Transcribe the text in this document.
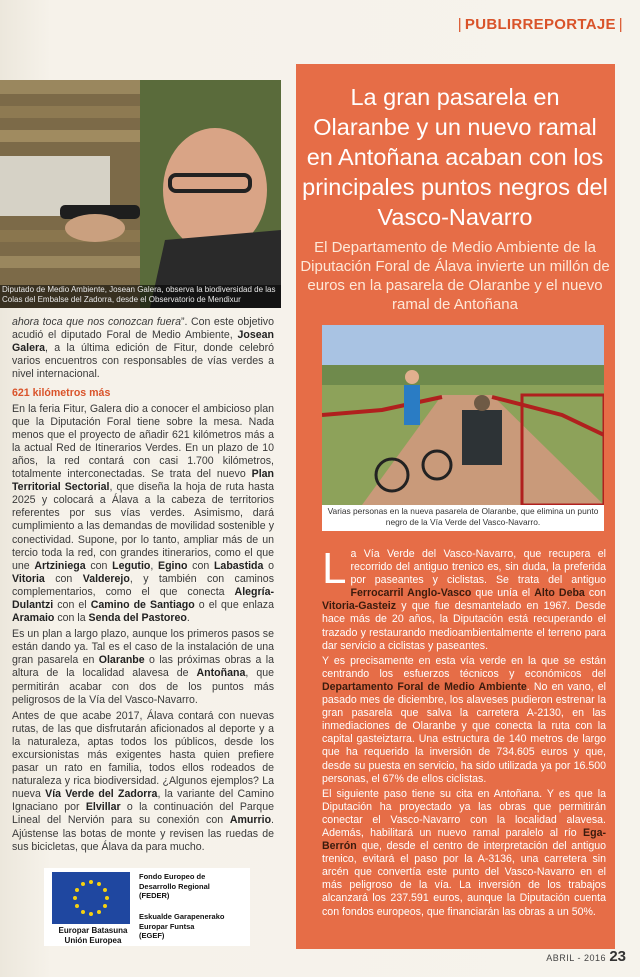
| PUBLIRREPORTAJE |
Diputado de Medio Ambiente, Josean Galera, observa la biodiversidad de las Colas del Embalse del Zadorra, desde el Observatorio de Mendixur

ahora toca que nos conozcan fuera”. Con este objetivo acudió el diputado Foral de Medio Ambiente, Josean Galera, a la última edición de Fitur, donde celebró varios encuentros con responsables de vías verdes a nivel internacional.

621 kilómetros más

En la feria Fitur, Galera dio a conocer el ambicioso plan que la Diputación Foral tiene sobre la mesa. Nada menos que el proyecto de añadir 621 kilómetros más a la actual Red de Itinerarios Verdes. En un plazo de 10 años, la red contará con casi 1.700 kilómetros, totalmente interconectadas. Se trata del nuevo Plan Territorial Sectorial, que diseña la hoja de ruta hasta 2025 y colocará a Álava a la cabeza de territorios referentes por sus vías verdes. Asimismo, dará cumplimiento a las demandas de movilidad sostenible y conectividad. Supone, por lo tanto, ampliar más de un tercio toda la red, con grandes itinerarios, como el que une Artziniega con Legutio, Egino con Labastida o Vitoria con Valderejo, y también con caminos complementarios, como el que conecta Alegría-Dulantzi con el Camino de Santiago o el que enlaza Aramaio con la Senda del Pastoreo.

Es un plan a largo plazo, aunque los primeros pasos se están dando ya. Tal es el caso de la instalación de una gran pasarela en Olaranbe o las próximas obras a la altura de la localidad alavesa de Antoñana, que permitirán acabar con dos de los puntos más peligrosos de la Vía del Vasco-Navarro.

Antes de que acabe 2017, Álava contará con nuevas rutas, de las que disfrutarán aficionados al deporte y a la naturaleza, aptas todos los públicos, desde los excursionistas más exigentes hasta quien prefiere pasar un rato en familia, todos ellos rodeados de naturaleza y rica biodiversidad. ¿Algunos ejemplos? La nueva Vía Verde del Zadorra, la variante del Camino Ignaciano por Elvillar o la continuación del Parque Lineal del Nervión para su conexión con Amurrio. Ajústense las botas de monte y revisen las ruedas de sus bicicletas, que Álava da para mucho.

Europar Batasuna
Unión Europea
Fondo Europeo de
Desarrollo Regional
(FEDER)
Eskualde Garapenerako
Europar Funtsa
(EGEF)
La gran pasarela en Olaranbe y un nuevo ramal en Antoñana acaban con los principales puntos negros del Vasco-Navarro
El Departamento de Medio Ambiente de la Diputación Foral de Álava invierte un millón de euros en la pasarela de Olaranbe y el nuevo ramal de Antoñana
Varias personas en la nueva pasarela de Olaranbe, que elimina un punto negro de la Vía Verde del Vasco-Navarro.

La Vía Verde del Vasco-Navarro, que recupera el recorrido del antiguo trenico es, sin duda, la preferida por paseantes y ciclistas. Se trata del antiguo Ferrocarril Anglo-Vasco que unía el Alto Deba con Vitoria-Gasteiz y que fue desmantelado en 1967. Desde hace más de 20 años, la Diputación está recuperando el trazado y restaurando medioambientalmente el terreno para dar servicio a ciclistas y paseantes.

Y es precisamente en esta vía verde en la que se están centrando los esfuerzos técnicos y económicos del Departamento Foral de Medio Ambiente. No en vano, el pasado mes de diciembre, los alaveses pudieron estrenar la gran pasarela que salva la carretera A-2130, en las inmediaciones de Olaranbe y que conecta la ruta con la capital gasteiztarra. Una estructura de 140 metros de largo que ha requerido la inversión de 734.605 euros y que, desde su puesta en servicio, ha sido utilizada ya por 16.500 personas, el 67% de ellos ciclistas.

El siguiente paso tiene su cita en Antoñana. Y es que la Diputación ha proyectado ya las obras que permitirán conectar el Vasco-Navarro con la localidad alavesa. Además, habilitará un nuevo ramal paralelo al río Ega-Berrón que, desde el centro de interpretación del antiguo trenico, evitará el paso por la A-3136, una carretera sin arcén que convertía este punto del Vasco-Navarro en el más peligroso de la vía. La inversión de los trabajos alcanzará los 237.591 euros, aunque la Diputación cuenta con fondos europeos, que financiarán las obras a un 50%.

ABRIL - 2016 23
